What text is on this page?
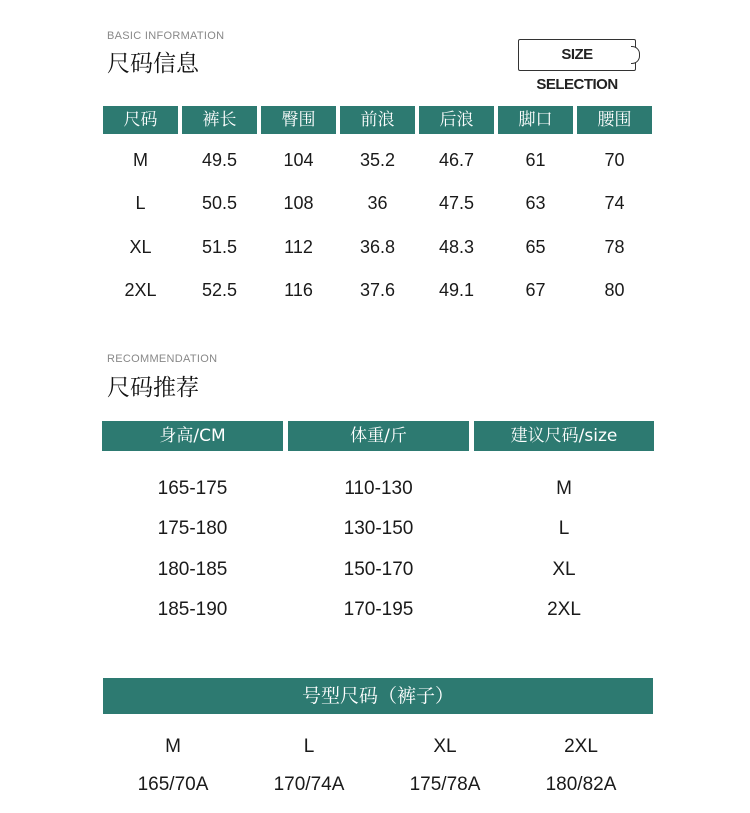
BASIC INFORMATION
尺码信息	SIZE SELECTION
尺码	裤长	臀围	前浪	后浪	脚口	腰围
M	49.5	104	35.2	46.7	61	70
L	50.5	108	36	47.5	63	74
XL	51.5	112	36.8	48.3	65	78
2XL	52.5	116	37.6	49.1	67	80
RECOMMENDATION
尺码推荐
身高/CM	体重/斤	建议尺码/size
165-175	110-130	M
175-180	130-150	L
180-185	150-170	XL
185-190	170-195	2XL
号型尺码（裤子）
M	L	XL	2XL
165/70A	170/74A	175/78A	180/82A
